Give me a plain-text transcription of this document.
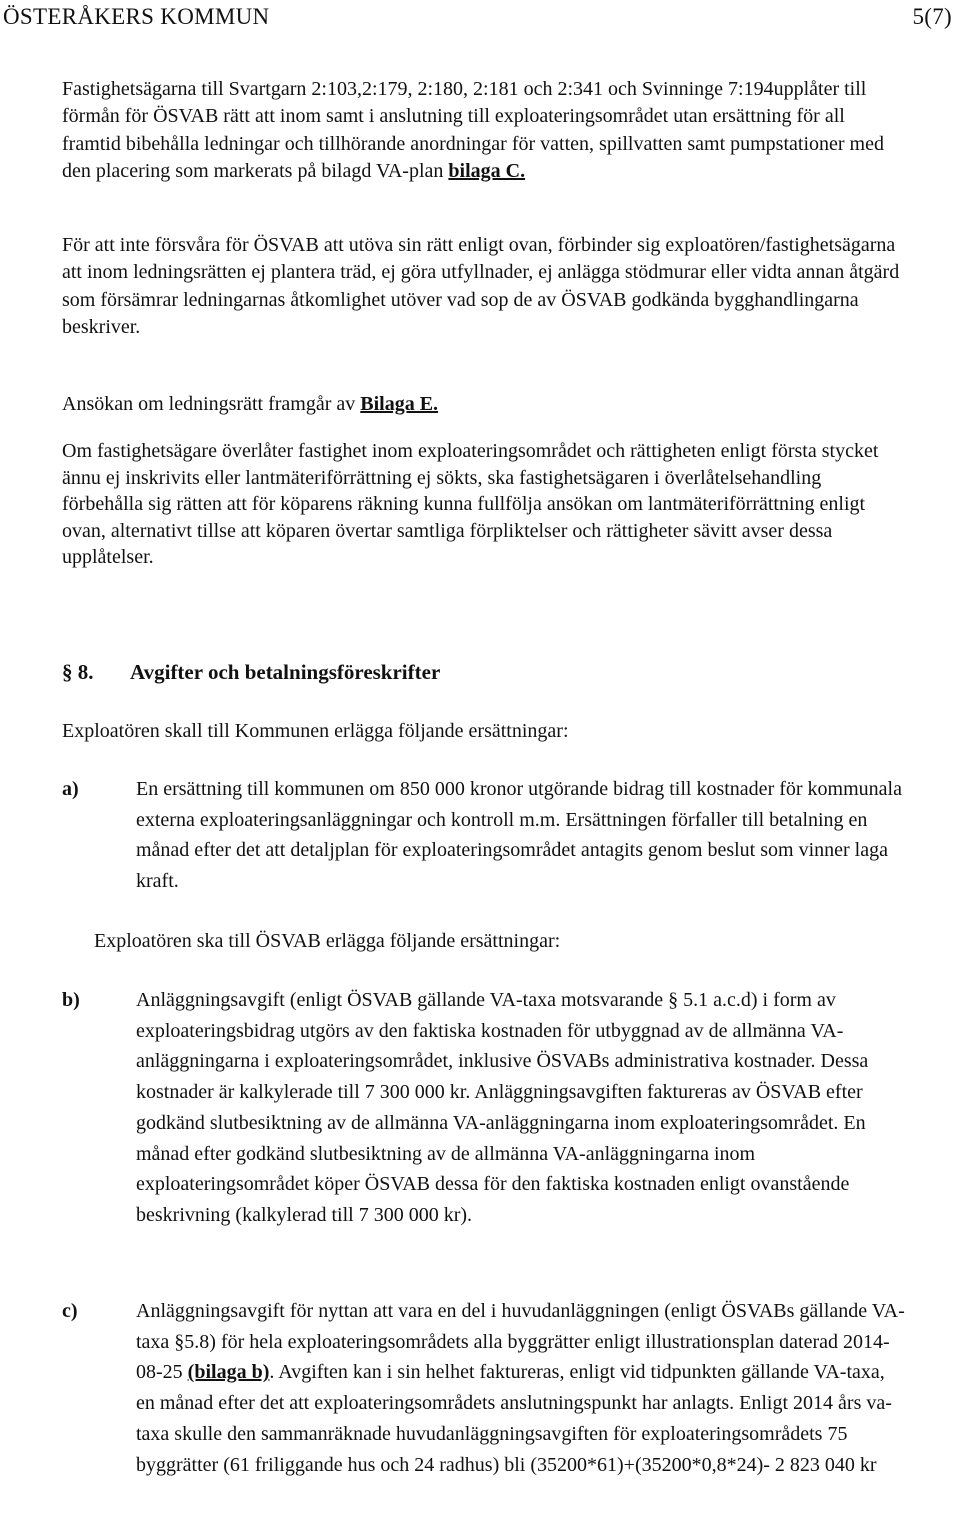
ÖSTERÅKERS KOMMUN	5(7)

Fastighetsägarna till Svartgarn 2:103,2:179, 2:180, 2:181 och 2:341 och Svinninge 7:194upplåter till förmån för ÖSVAB rätt att inom samt i anslutning till exploateringsområdet utan ersättning för all framtid bibehålla ledningar och tillhörande anordningar för vatten, spillvatten samt pumpstationer med den placering som markerats på bilagd VA-plan bilaga C.

För att inte försvåra för ÖSVAB att utöva sin rätt enligt ovan, förbinder sig exploatören/fastighetsägarna att inom ledningsrätten ej plantera träd, ej göra utfyllnader, ej anlägga stödmurar eller vidta annan åtgärd som försämrar ledningarnas åtkomlighet utöver vad sop de av ÖSVAB godkända bygghandlingarna beskriver.

Ansökan om ledningsrätt framgår av Bilaga E.

Om fastighetsägare överlåter fastighet inom exploateringsområdet och rättigheten enligt första stycket ännu ej inskrivits eller lantmäteriförrättning ej sökts, ska fastighetsägaren i överlåtelsehandling förbehålla sig rätten att för köparens räkning kunna fullfölja ansökan om lantmäteriförrättning enligt ovan, alternativt tillse att köparen övertar samtliga förpliktelser och rättigheter sävitt avser dessa upplåtelser.

§ 8.	Avgifter och betalningsföreskrifter

Exploatören skall till Kommunen erlägga följande ersättningar:

a)	En ersättning till kommunen om 850 000 kronor utgörande bidrag till kostnader för kommunala externa exploateringsanläggningar och kontroll m.m. Ersättningen förfaller till betalning en månad efter det att detaljplan för exploateringsområdet antagits genom beslut som vinner laga kraft.

Exploatören ska till ÖSVAB erlägga följande ersättningar:

b)	Anläggningsavgift (enligt ÖSVAB gällande VA-taxa motsvarande § 5.1 a.c.d) i form av exploateringsbidrag utgörs av den faktiska kostnaden för utbyggnad av de allmänna VA-anläggningarna i exploateringsområdet, inklusive ÖSVABs administrativa kostnader. Dessa kostnader är kalkylerade till 7 300 000 kr. Anläggningsavgiften faktureras av ÖSVAB efter godkänd slutbesiktning av de allmänna VA-anläggningarna inom exploateringsområdet. En månad efter godkänd slutbesiktning av de allmänna VA-anläggningarna inom exploateringsområdet köper ÖSVAB dessa för den faktiska kostnaden enligt ovanstående beskrivning (kalkylerad till 7 300 000 kr).

c)	Anläggningsavgift för nyttan att vara en del i huvudanläggningen (enligt ÖSVABs gällande VA-taxa §5.8) för hela exploateringsområdets alla byggrätter enligt illustrationsplan daterad 2014-08-25 (bilaga b). Avgiften kan i sin helhet faktureras, enligt vid tidpunkten gällande VA-taxa, en månad efter det att exploateringsområdets anslutningspunkt har anlagts. Enligt 2014 års va-taxa skulle den sammanräknade huvudanläggningsavgiften för exploateringsområdets 75 byggrätter (61 friliggande hus och 24 radhus) bli (35200*61)+(35200*0,8*24)- 2 823 040 kr
